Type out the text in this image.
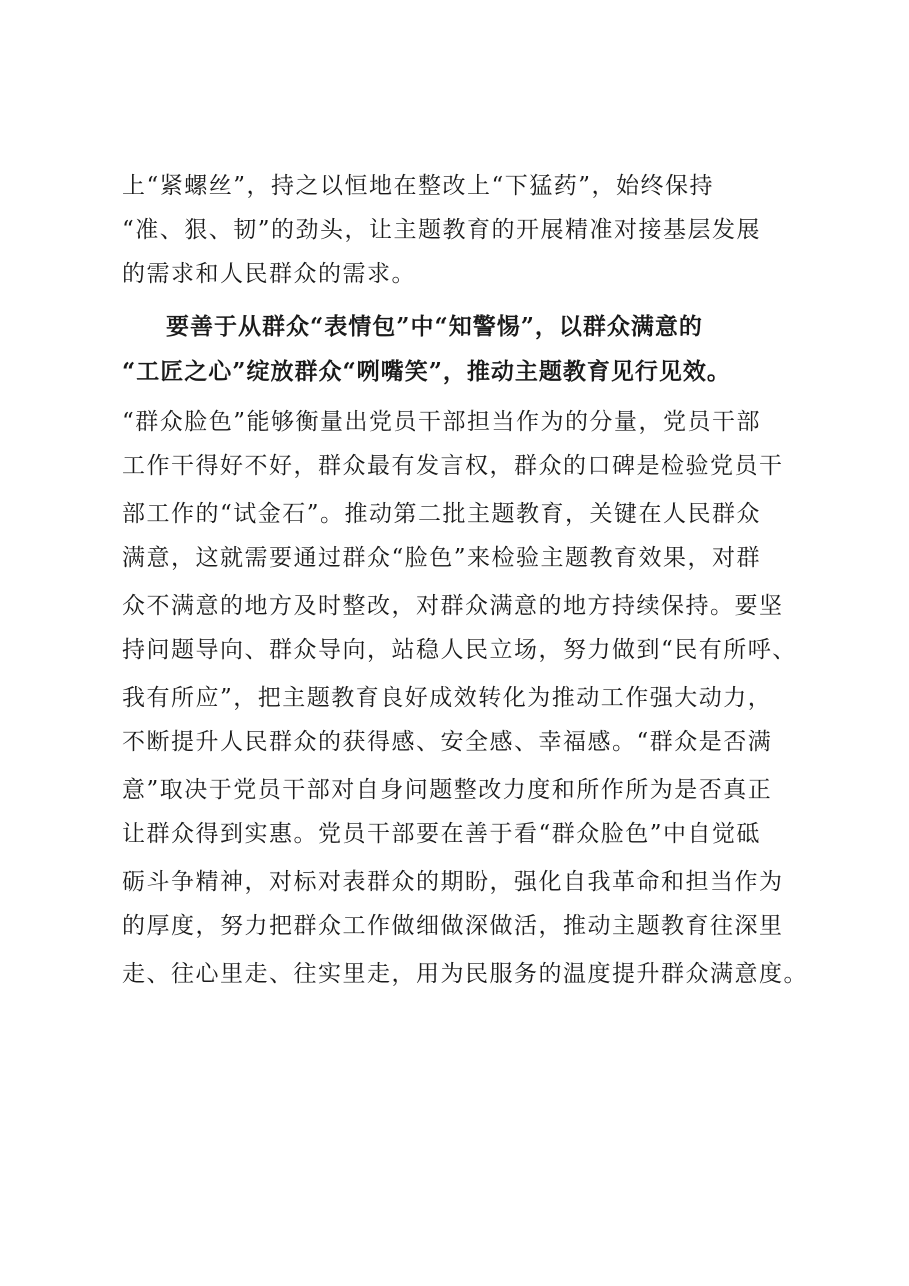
上“紧螺丝”，持之以恒地在整改上“下猛药”，始终保持
“准、狠、韧”的劲头，让主题教育的开展精准对接基层发展
的需求和人民群众的需求。
要善于从群众“表情包”中“知警惕”，以群众满意的
“工匠之心”绽放群众“咧嘴笑”，推动主题教育见行见效。
“群众脸色”能够衡量出党员干部担当作为的分量，党员干部
工作干得好不好，群众最有发言权，群众的口碑是检验党员干
部工作的“试金石”。推动第二批主题教育，关键在人民群众
满意，这就需要通过群众“脸色”来检验主题教育效果，对群
众不满意的地方及时整改，对群众满意的地方持续保持。要坚
持问题导向、群众导向，站稳人民立场，努力做到“民有所呼、
我有所应”，把主题教育良好成效转化为推动工作强大动力，
不断提升人民群众的获得感、安全感、幸福感。“群众是否满
意”取决于党员干部对自身问题整改力度和所作所为是否真正
让群众得到实惠。党员干部要在善于看“群众脸色”中自觉砥
砺斗争精神，对标对表群众的期盼，强化自我革命和担当作为
的厚度，努力把群众工作做细做深做活，推动主题教育往深里
走、往心里走、往实里走，用为民服务的温度提升群众满意度。
